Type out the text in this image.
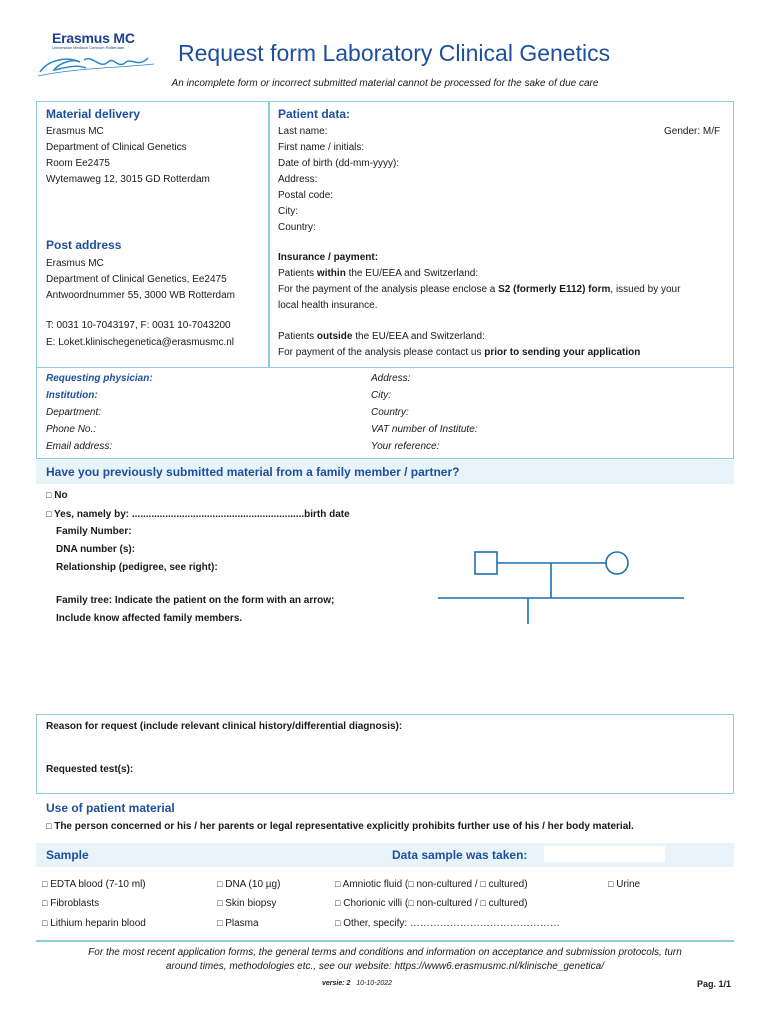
Erasmus MC
Universitair Medisch Centrum Rotterdam Request form Laboratory Clinical Genetics
An incomplete form or incorrect submitted material cannot be processed for the sake of due care
Material delivery
Erasmus MC
Department of Clinical Genetics
Room Ee2475
Wytemaweg 12, 3015 GD Rotterdam
Post address
Erasmus MC
Department of Clinical Genetics, Ee2475
Antwoordnummer 55, 3000 WB Rotterdam
T: 0031 10-7043197, F: 0031 10-7043200
E: Loket.klinischegenetica@erasmusmc.nl
Patient data:
Last name:
First name / initials:
Date of birth (dd-mm-yyyy):
Address:
Postal code:
City:
Country:
Gender: M/F
Insurance / payment:
Patients within the EU/EEA and Switzerland:
For the payment of the analysis please enclose a S2 (formerly E112) form, issued by your
local health insurance.
Patients outside the EU/EEA and Switzerland:
For payment of the analysis please contact us prior to sending your application
Requesting physician:
Institution:
Department:
Phone No.:
Email address:
Address:
City:
Country:
VAT number of Institute:
Your reference:
Have you previously submitted material from a family member / partner?
□ No
□ Yes, namely by: ..............................................................birth date
Family Number:
DNA number (s):
Relationship (pedigree, see right):
Family tree: Indicate the patient on the form with an arrow;
Include know affected family members.
Reason for request (include relevant clinical history/differential diagnosis):
Requested test(s):
Use of patient material
□ The person concerned or his / her parents or legal representative explicitly prohibits further use of his / her body material.
Sample	Data sample was taken:
□ EDTA blood (7-10 ml)
□ Fibroblasts
□ Lithium heparin blood
□ DNA (10 µg)
□ Skin biopsy
□ Plasma
□ Amniotic fluid (□ non-cultured / □ cultured)
□ Chorionic villi (□ non-cultured / □ cultured)
□ Other, specify: ………………………………………
□ Urine
For the most recent application forms, the general terms and conditions and information on acceptance and submission protocols, turn
around times, methodologies etc., see our website: https://www6.erasmusmc.nl/klinische_genetica/
versie: 2 10-10-2022	Pag. 1/1
